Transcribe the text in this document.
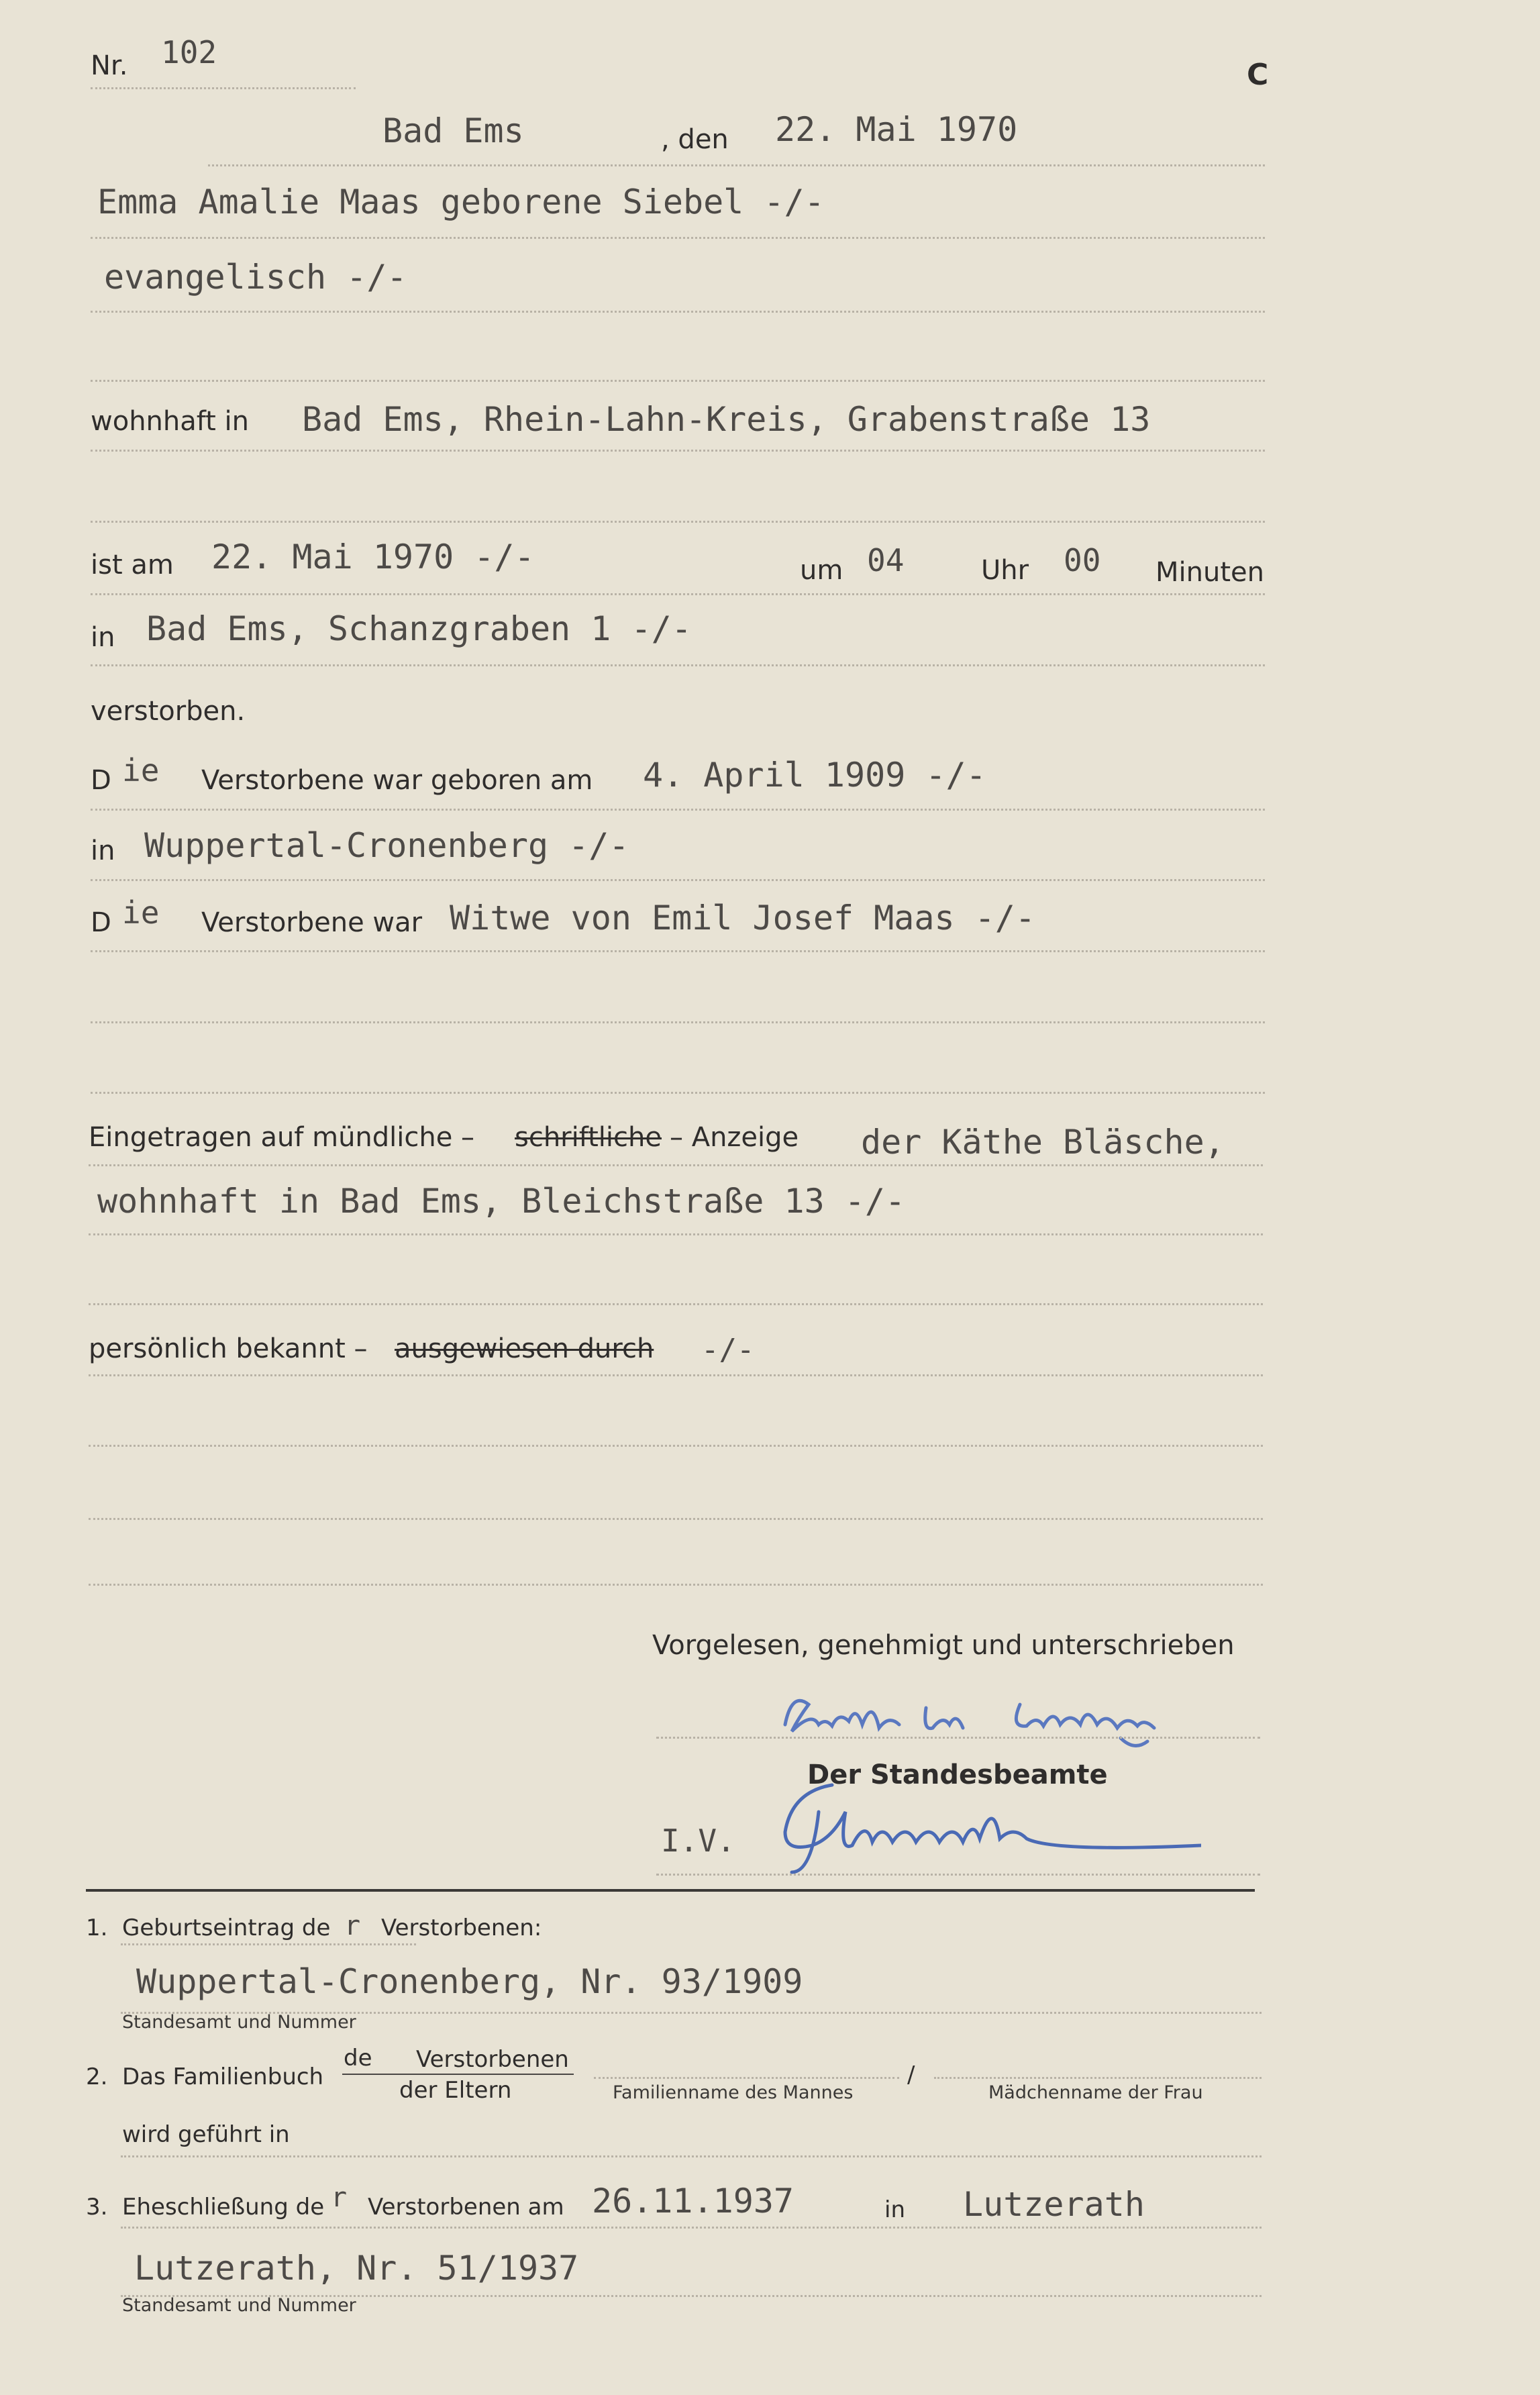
Nr. 102
C
Bad Ems	, den 22. Mai 1970
Emma Amalie Maas geborene Siebel -/-
evangelisch -/-
wohnhaft in Bad Ems, Rhein-Lahn-Kreis, Grabenstraße 13
ist am 22. Mai 1970 -/-	um 04	Uhr 00 Minuten
in Bad Ems, Schanzgraben 1 -/-
verstorben.
D ie Verstorbene war geboren am 4. April 1909 -/-
in Wuppertal-Cronenberg -/-
D ie Verstorbene war Witwe von Emil Josef Maas -/-
Eingetragen auf mündliche – schriftliche – Anzeige der Käthe Bläsche,
wohnhaft in Bad Ems, Bleichstraße 13 -/-
persönlich bekannt – ausgewiesen durch -/-
Vorgelesen, genehmigt und unterschrieben
Der Standesbeamte
I.V.
1. Geburtseintrag de r Verstorbenen:
Wuppertal-Cronenberg, Nr. 93/1909
Standesamt und Nummer
2. Das Familienbuch
de Verstorbenen
der Eltern	Familienname des Mannes
/
Mädchenname der Frau
wird geführt in
3. Eheschließung de r Verstorbenen am 26.11.1937	in Lutzerath
Lutzerath, Nr. 51/1937
Standesamt und Nummer
